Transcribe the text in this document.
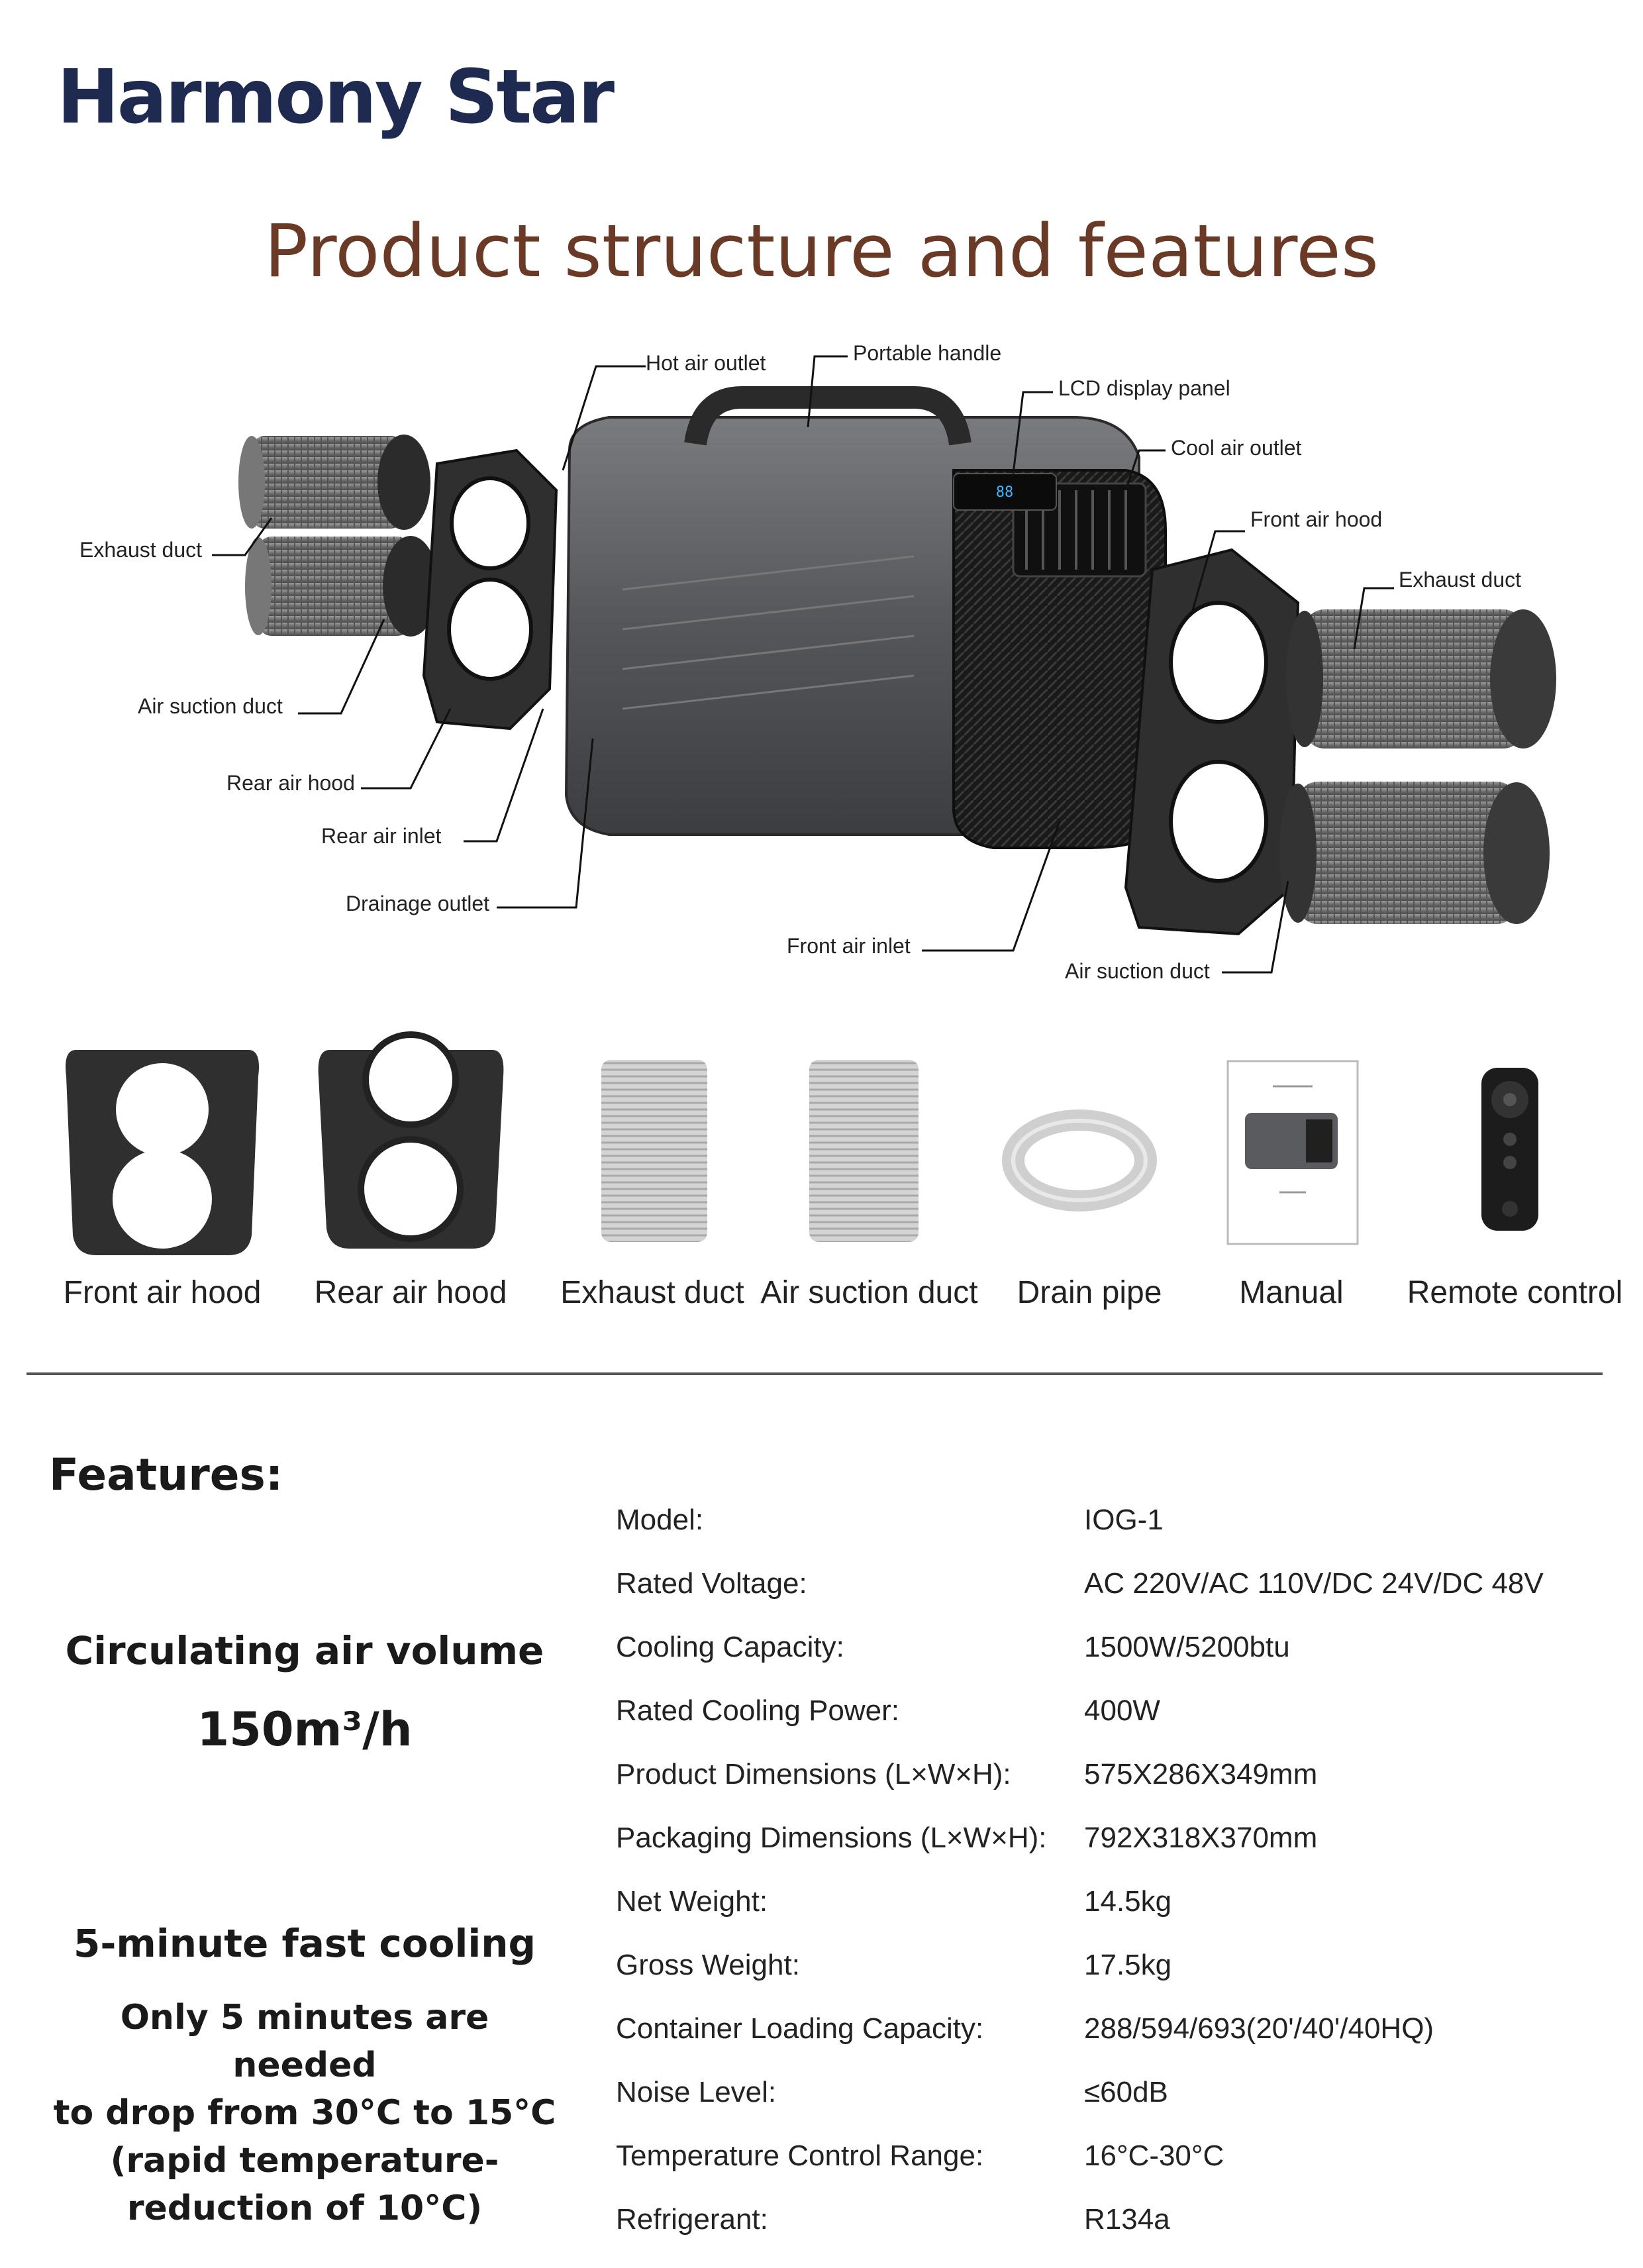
Harmony Star
Product structure and features
88
Hot air outlet	Portable handle
LCD display panel
Cool air outlet
Front air hood
Exhaust duct
Exhaust duct
Air suction duct
Rear air hood
Rear air inlet
Drainage outlet
Front air inlet
Air suction duct
Front air hood	Rear air hood	Exhaust duct Air suction duct	Drain pipe	Manual	Remote control
Features:
Circulating air volume
150m³/h
5-minute fast cooling
Only 5 minutes are needed
to drop from 30°C to 15°C
(rapid temperature-
reduction of 10°C)
Model:	IOG-1
Rated Voltage:	AC 220V/AC 110V/DC 24V/DC 48V
Cooling Capacity:	1500W/5200btu
Rated Cooling Power:	400W
Product Dimensions (L×W×H):	575X286X349mm
Packaging Dimensions (L×W×H): 792X318X370mm
Net Weight:	14.5kg
Gross Weight:	17.5kg
Container Loading Capacity:	288/594/693(20'/40'/40HQ)
Noise Level:	≤60dB
Temperature Control Range:	16°C-30°C
Refrigerant:	R134a
